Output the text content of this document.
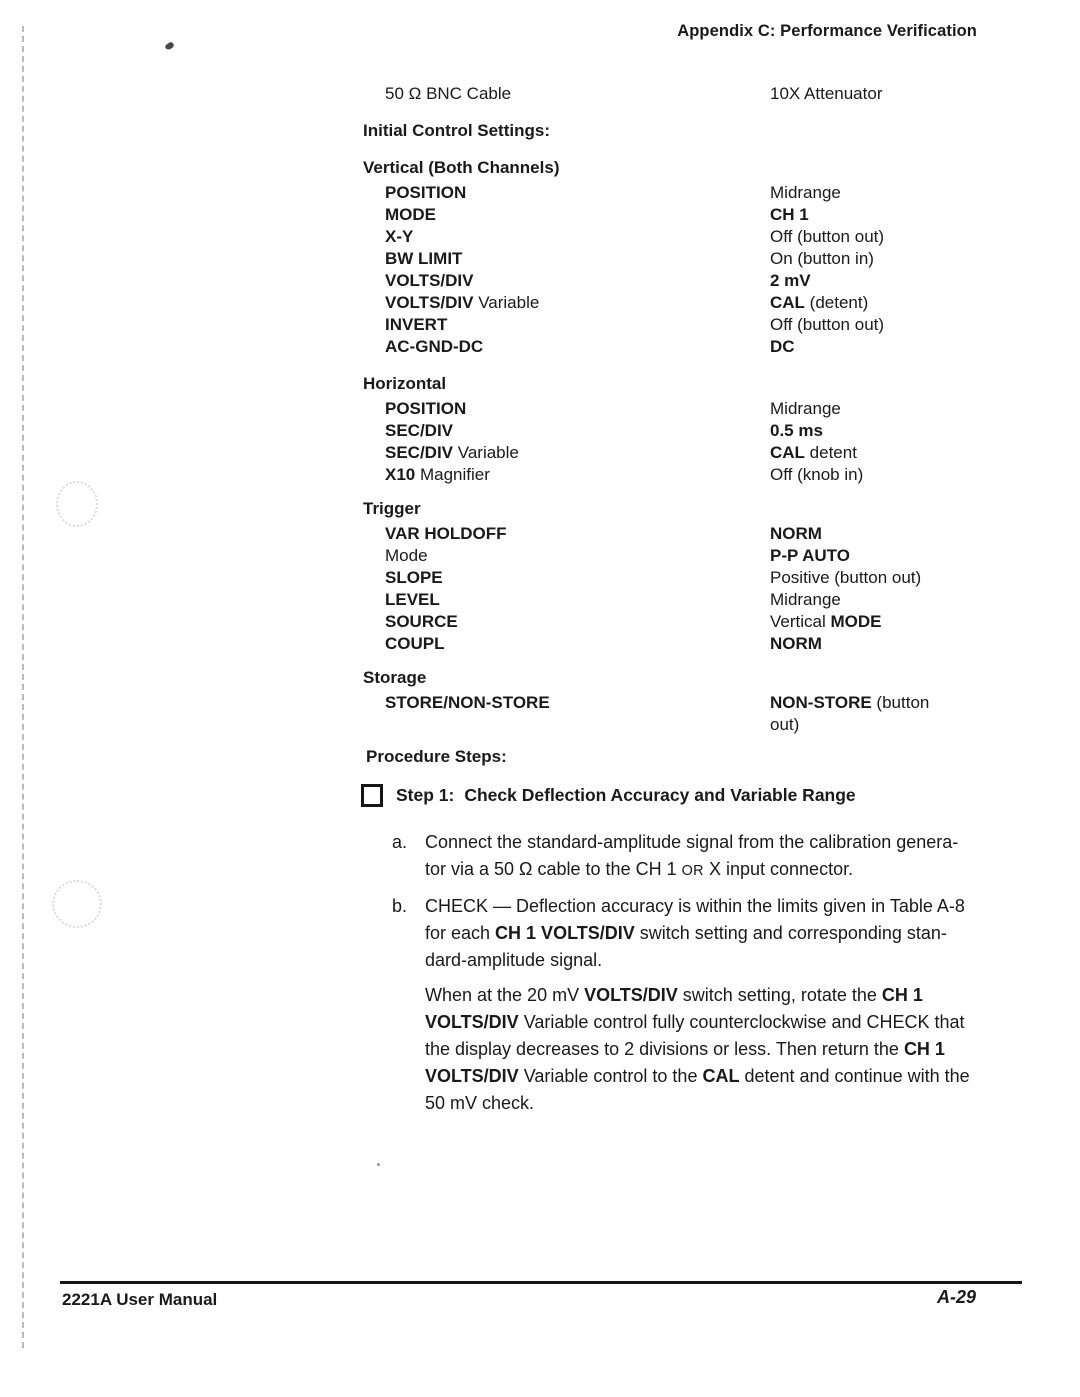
Appendix C: Performance Verification
50 Ω BNC Cable	10X Attenuator
Initial Control Settings:
Vertical (Both Channels)
POSITION	Midrange
MODE	CH 1
X-Y	Off (button out)
BW LIMIT	On (button in)
VOLTS/DIV	2 mV
VOLTS/DIV Variable	CAL (detent)
INVERT	Off (button out)
AC-GND-DC	DC
Horizontal
POSITION	Midrange
SEC/DIV	0.5 ms
SEC/DIV Variable	CAL detent
X10 Magnifier	Off (knob in)
Trigger
VAR HOLDOFF	NORM
Mode	P-P AUTO
SLOPE	Positive (button out)
LEVEL	Midrange
SOURCE	Vertical MODE
COUPL	NORM
Storage
STORE/NON-STORE	NON-STORE (button
out)
Procedure Steps:
Step 1: Check Deflection Accuracy and Variable Range
a. Connect the standard-amplitude signal from the calibration genera-
tor via a 50 Ω cable to the CH 1 OR X input connector.
b. CHECK — Deflection accuracy is within the limits given in Table A-8
for each CH 1 VOLTS/DIV switch setting and corresponding stan-
dard-amplitude signal.
When at the 20 mV VOLTS/DIV switch setting, rotate the CH 1
VOLTS/DIV Variable control fully counterclockwise and CHECK that
the display decreases to 2 divisions or less. Then return the CH 1
VOLTS/DIV Variable control to the CAL detent and continue with the
50 mV check.
2221A User Manual	A-29
